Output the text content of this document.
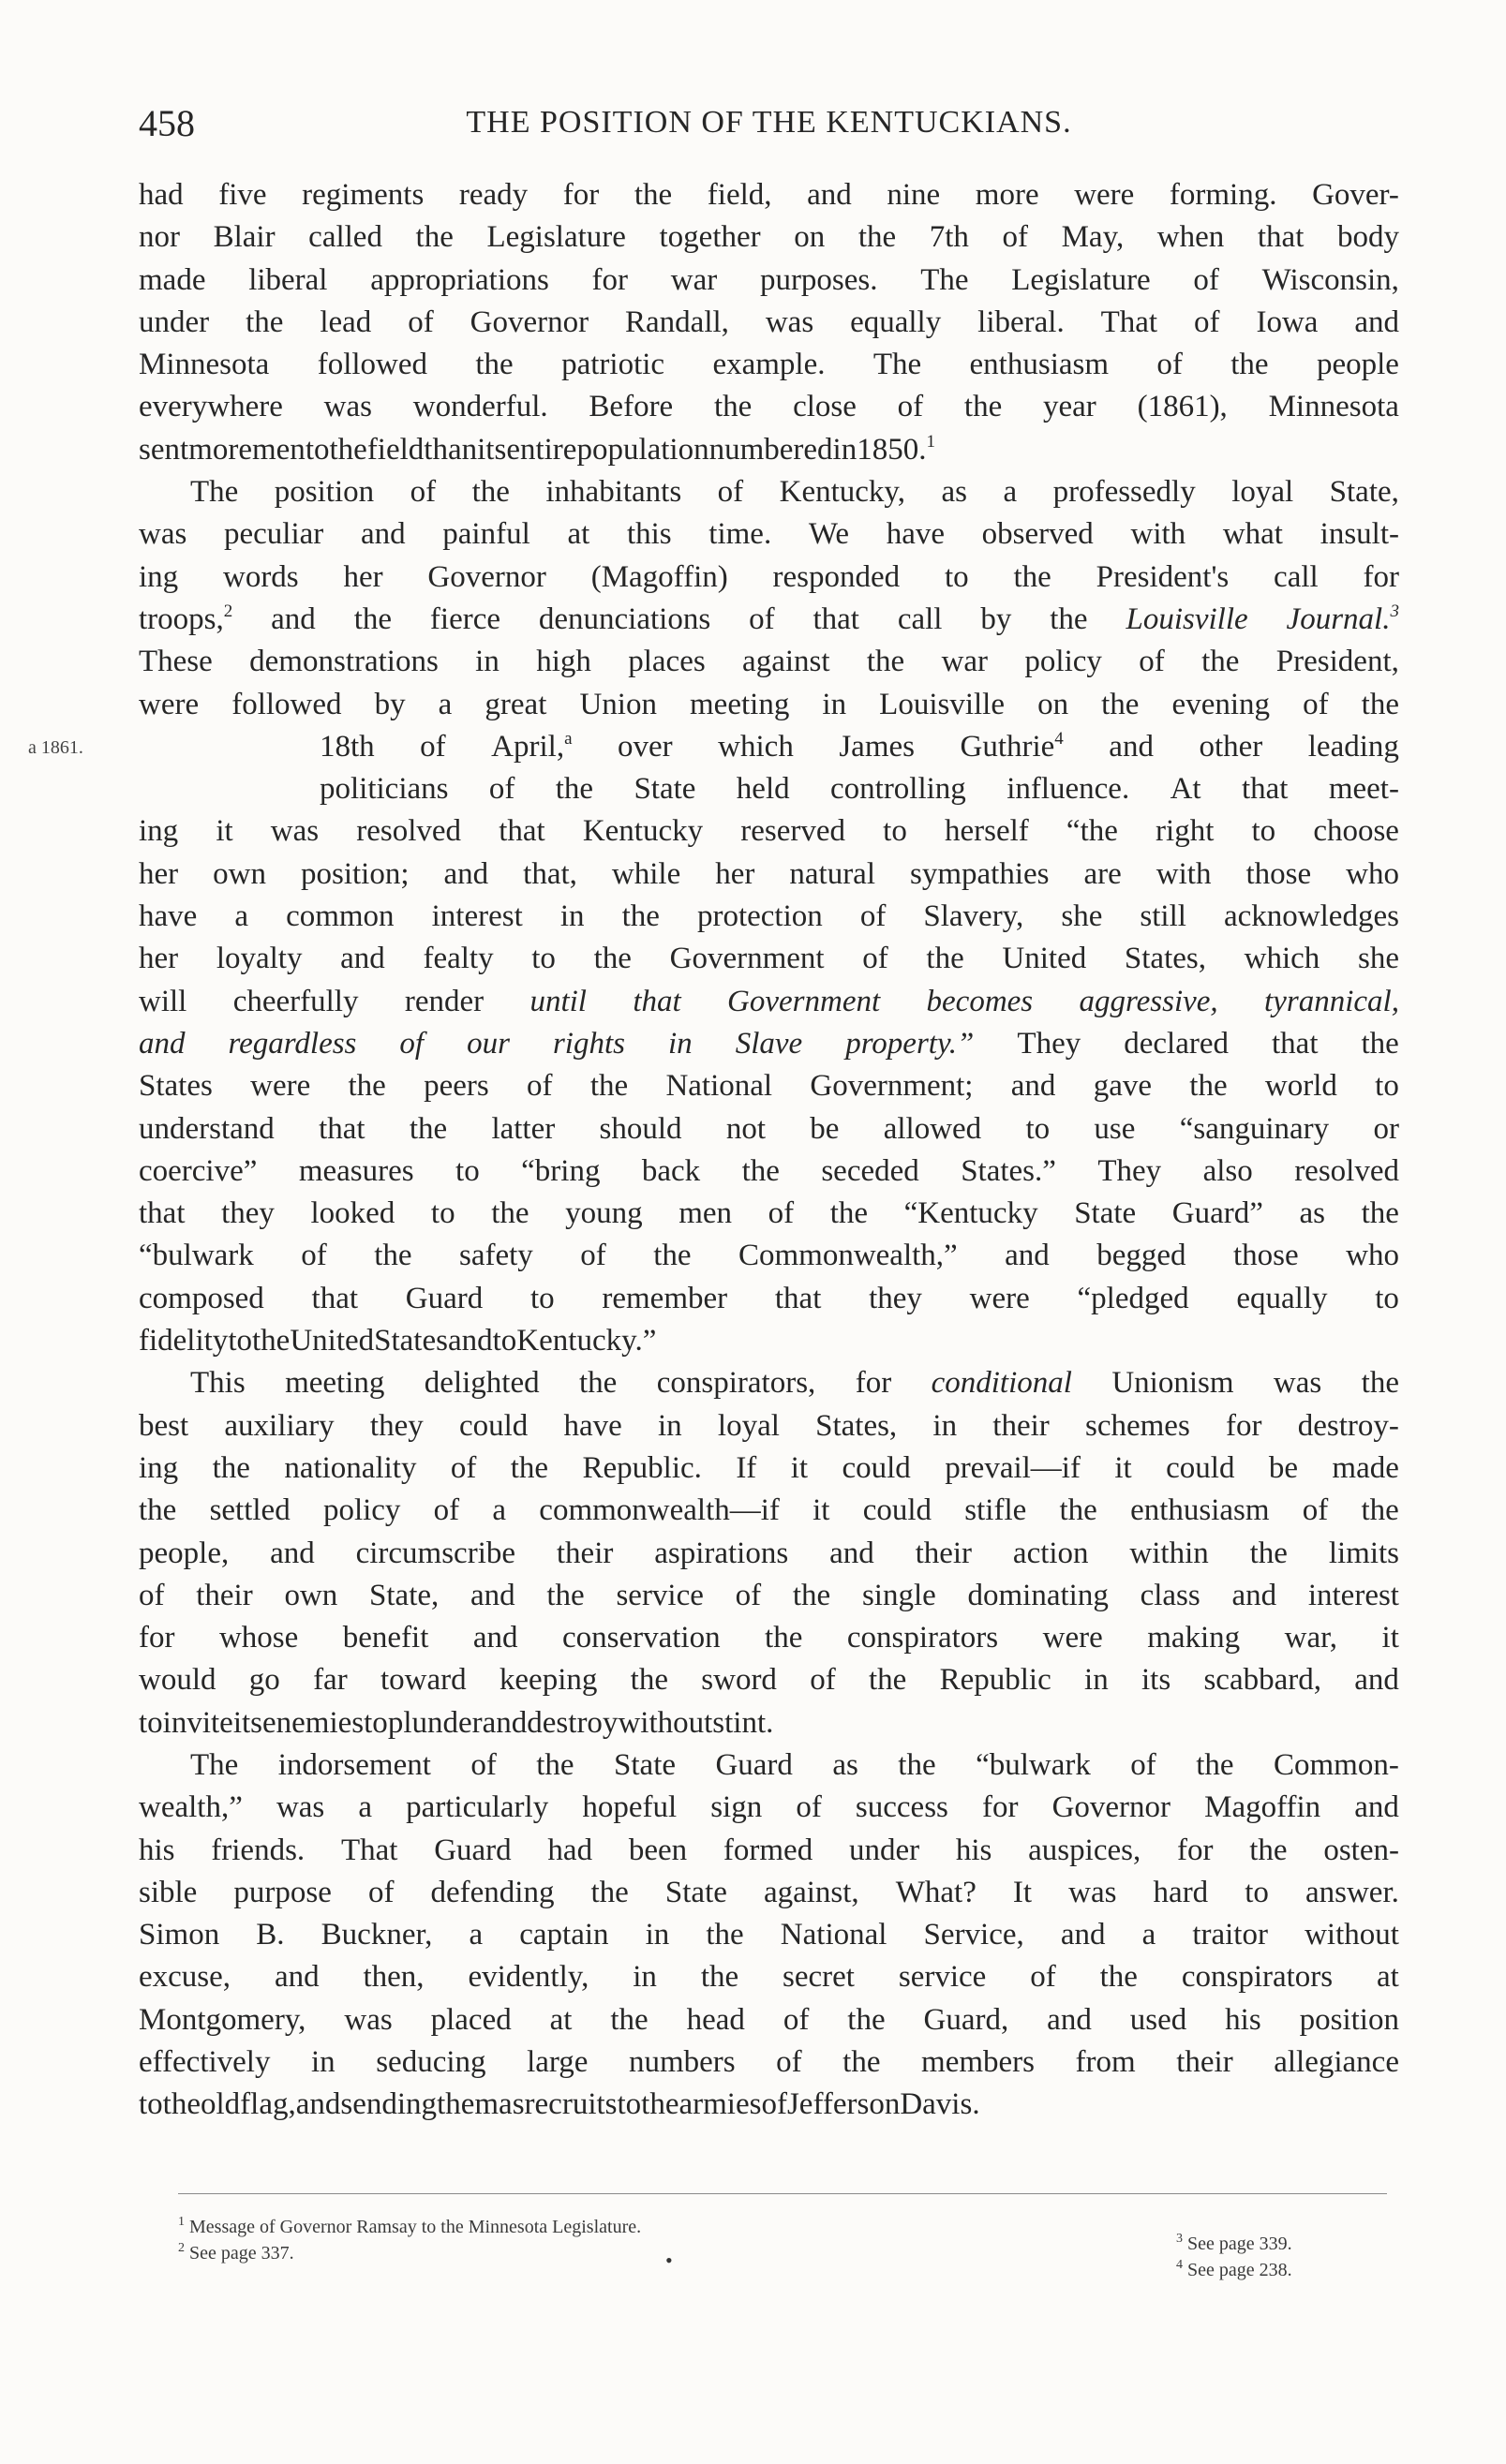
458	THE POSITION OF THE KENTUCKIANS.
had five regiments ready for the field, and nine more were forming. Gover-
nor Blair called the Legislature together on the 7th of May, when that body
made liberal appropriations for war purposes. The Legislature of Wisconsin,
under the lead of Governor Randall, was equally liberal. That of Iowa and
Minnesota followed the patriotic example. The enthusiasm of the people
everywhere was wonderful. Before the close of the year (1861), Minnesota
sent more men to the field than its entire population numbered in 1850.$^1$
The position of the inhabitants of Kentucky, as a professedly loyal State,
was peculiar and painful at this time. We have observed with what insult-
ing words her Governor (Magoffin) responded to the President's call for
troops,$^2$ and the fierce denunciations of that call by the Louisville Journal.$^3$
These demonstrations in high places against the war policy of the President,
were followed by a great Union meeting in Louisville on the evening of the
18th of April,$^a$ over which James Guthrie$^4$ and other leading
politicians of the State held controlling influence. At that meet-
ing it was resolved that Kentucky reserved to herself “the right to choose
her own position; and that, while her natural sympathies are with those who
have a common interest in the protection of Slavery, she still acknowledges
her loyalty and fealty to the Government of the United States, which she
will cheerfully render until that Government becomes aggressive, tyrannical,
and regardless of our rights in Slave property.” They declared that the
States were the peers of the National Government; and gave the world to
understand that the latter should not be allowed to use “sanguinary or
coercive” measures to “bring back the seceded States.” They also resolved
that they looked to the young men of the “Kentucky State Guard” as the
“bulwark of the safety of the Commonwealth,” and begged those who
composed that Guard to remember that they were “pledged equally to
fidelity to the United States and to Kentucky.”
This meeting delighted the conspirators, for conditional Unionism was the
best auxiliary they could have in loyal States, in their schemes for destroy-
ing the nationality of the Republic. If it could prevail—if it could be made
the settled policy of a commonwealth—if it could stifle the enthusiasm of the
people, and circumscribe their aspirations and their action within the limits
of their own State, and the service of the single dominating class and interest
for whose benefit and conservation the conspirators were making war, it
would go far toward keeping the sword of the Republic in its scabbard, and
to invite its enemies to plunder and destroy without stint.
The indorsement of the State Guard as the “bulwark of the Common-
wealth,” was a particularly hopeful sign of success for Governor Magoffin and
his friends. That Guard had been formed under his auspices, for the osten-
sible purpose of defending the State against, What? It was hard to answer.
Simon B. Buckner, a captain in the National Service, and a traitor without
excuse, and then, evidently, in the secret service of the conspirators at
Montgomery, was placed at the head of the Guard, and used his position
effectively in seducing large numbers of the members from their allegiance
to the old flag, and sending them as recruits to the armies of Jefferson Davis.
a 1861.
$^1$ Message of Governor Ramsay to the Minnesota Legislature.
$^2$ See page 337.	•
$^3$ See page 339.
$^4$ See page 238.
